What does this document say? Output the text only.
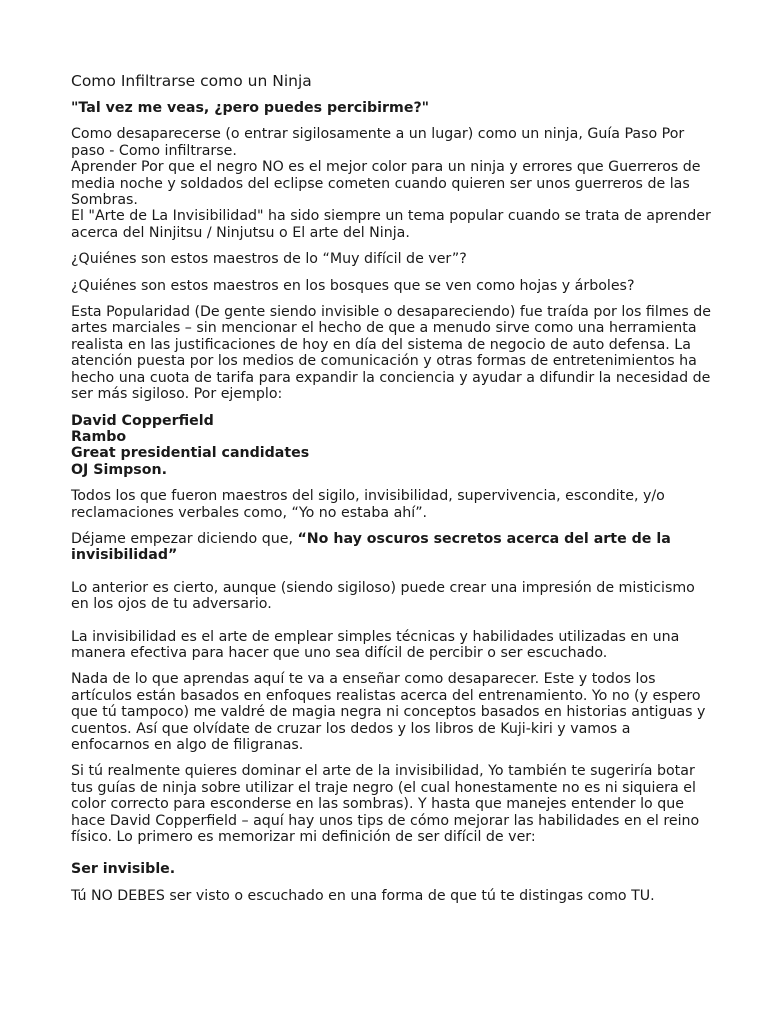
Como Infiltrarse como un Ninja
"Tal vez me veas, ¿pero puedes percibirme?"

Como desaparecerse (o entrar sigilosamente a un lugar) como un ninja, Guía Paso Por paso - Como infiltrarse.

Aprender Por que el negro NO es el mejor color para un ninja y errores que Guerreros de media noche y soldados del eclipse cometen cuando quieren ser unos guerreros de las Sombras.

El "Arte de La Invisibilidad" ha sido siempre un tema popular cuando se trata de aprender acerca del Ninjitsu / Ninjutsu o El arte del Ninja.

¿Quiénes son estos maestros de lo “Muy difícil de ver”?

¿Quiénes son estos maestros en los bosques que se ven como hojas y árboles?

Esta Popularidad (De gente siendo invisible o desapareciendo) fue traída por los filmes de artes marciales – sin mencionar el hecho de que a menudo sirve como una herramienta realista en las justificaciones de hoy en día del sistema de negocio de auto defensa. La atención puesta por los medios de comunicación y otras formas de entretenimientos ha hecho una cuota de tarifa para expandir la conciencia y ayudar a difundir la necesidad de ser más sigiloso. Por ejemplo:

David Copperfield
Rambo
Great presidential candidates
OJ Simpson.

Todos los que fueron maestros del sigilo, invisibilidad, supervivencia, escondite, y/o reclamaciones verbales como, “Yo no estaba ahí”.

Déjame empezar diciendo que, “No hay oscuros secretos acerca del arte de la invisibilidad”

Lo anterior es cierto, aunque (siendo sigiloso) puede crear una impresión de misticismo en los ojos de tu adversario.

La invisibilidad es el arte de emplear simples técnicas y habilidades utilizadas en una manera efectiva para hacer que uno sea difícil de percibir o ser escuchado.

Nada de lo que aprendas aquí te va a enseñar como desaparecer. Este y todos los artículos están basados en enfoques realistas acerca del entrenamiento. Yo no (y espero que tú tampoco) me valdré de magia negra ni conceptos basados en historias antiguas y cuentos. Así que olvídate de cruzar los dedos y los libros de Kuji-kiri y vamos a enfocarnos en algo de filigranas.

Si tú realmente quieres dominar el arte de la invisibilidad, Yo también te sugeriría botar tus guías de ninja sobre utilizar el traje negro (el cual honestamente no es ni siquiera el color correcto para esconderse en las sombras). Y hasta que manejes entender lo que hace David Copperfield – aquí hay unos tips de cómo mejorar las habilidades en el reino físico. Lo primero es memorizar mi definición de ser difícil de ver:

Ser invisible.

Tú NO DEBES ser visto o escuchado en una forma de que tú te distingas como TU.
